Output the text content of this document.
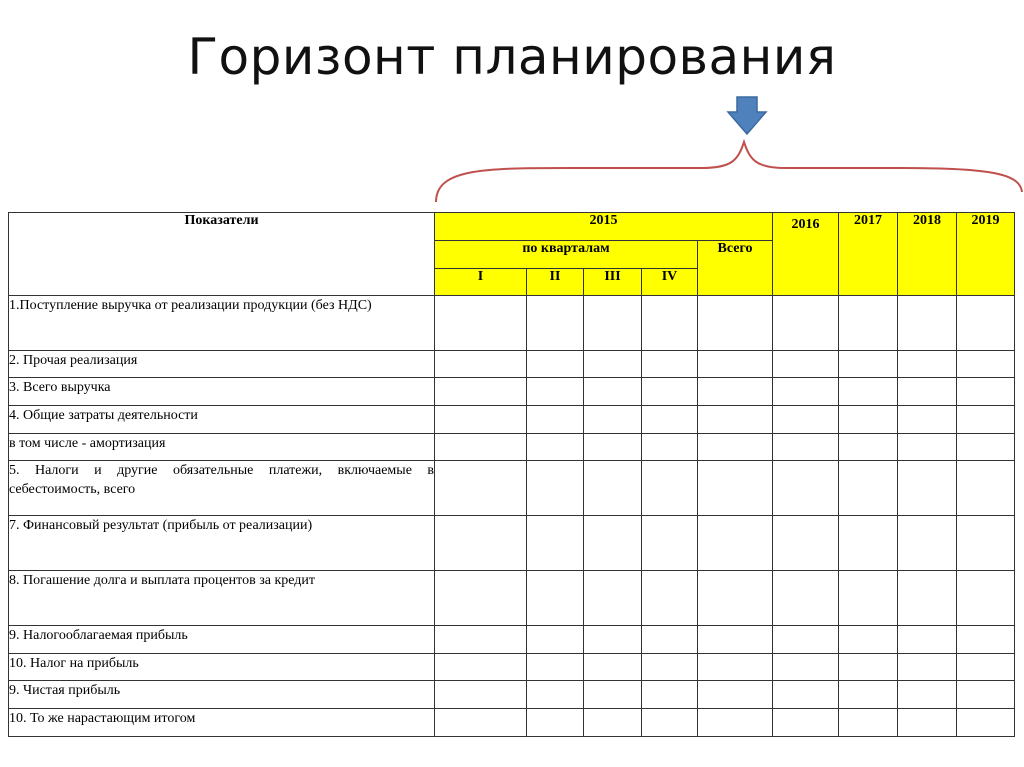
Горизонт планирования
Показатели	2015					2016	2017	2018	2019
	по кварталам				Всего				
	I	II	III	IV					
1.Поступление выручка от реализации продукции (без НДС)									
2. Прочая реализация									
3. Всего выручка									
4. Общие затраты деятельности									
в том числе - амортизация									
5. Налоги и другие обязательные платежи, включаемые в себестоимость, всего									
7. Финансовый результат (прибыль от реализации)									
8. Погашение долга и выплата процентов за кредит									
9. Налогооблагаемая прибыль									
10. Налог на прибыль									
9. Чистая прибыль									
10. То же нарастающим итогом									
